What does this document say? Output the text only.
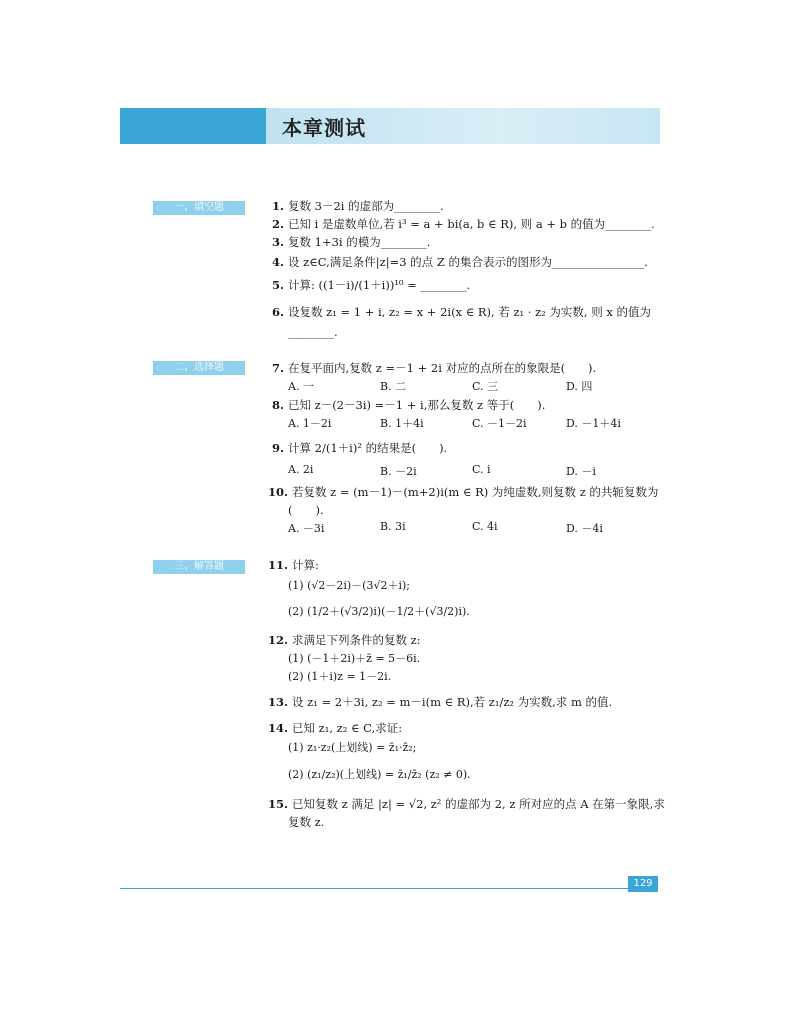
本章测试
一、填空题
二、选择题
三、解答题
1. 复数 3－2i 的虚部为________.
2. 已知 i 是虚数单位,若 i³ = a + bi(a, b ∈ R), 则 a + b 的值为________.
3. 复数 1+3i 的模为________.
4. 设 z∈C,满足条件|z|=3 的点 Z 的集合表示的图形为________________.
5. 计算: ((1－i)/(1＋i))¹⁰ = ________.
6. 设复数 z₁ = 1 + i, z₂ = x + 2i(x ∈ R), 若 z₁ · z₂ 为实数, 则 x 的值为
________.
7. 在复平面内,复数 z =－1 + 2i 对应的点所在的象限是(　　).
A. 一	B. 二	C. 三	D. 四
8. 已知 z－(2－3i) =－1 + i,那么复数 z 等于(　　).
A. 1－2i	B. 1＋4i	C. －1－2i	D. －1＋4i
9. 计算 2/(1＋i)² 的结果是(　　).
A. 2i	B. －2i	C. i	D. －i
10. 若复数 z = (m－1)－(m+2)i(m ∈ R) 为纯虚数,则复数 z 的共轭复数为
(　　).
A. －3i	B. 3i	C. 4i	D. －4i
11. 计算:
(1) (√2－2i)－(3√2＋i);
(2) (1/2＋(√3/2)i)(－1/2＋(√3/2)i).
12. 求满足下列条件的复数 z:
(1) (－1＋2i)＋z̄ = 5－6i.
(2) (1＋i)z = 1－2i.
13. 设 z₁ = 2＋3i, z₂ = m－i(m ∈ R),若 z₁/z₂ 为实数,求 m 的值.
14. 已知 z₁, z₂ ∈ C,求证:
(1) z₁·z₂(上划线) = z̄₁·z̄₂;
(2) (z₁/z₂)(上划线) = z̄₁/z̄₂ (z₂ ≠ 0).
15. 已知复数 z 满足 |z| = √2, z² 的虚部为 2, z 所对应的点 A 在第一象限,求
复数 z.
129
